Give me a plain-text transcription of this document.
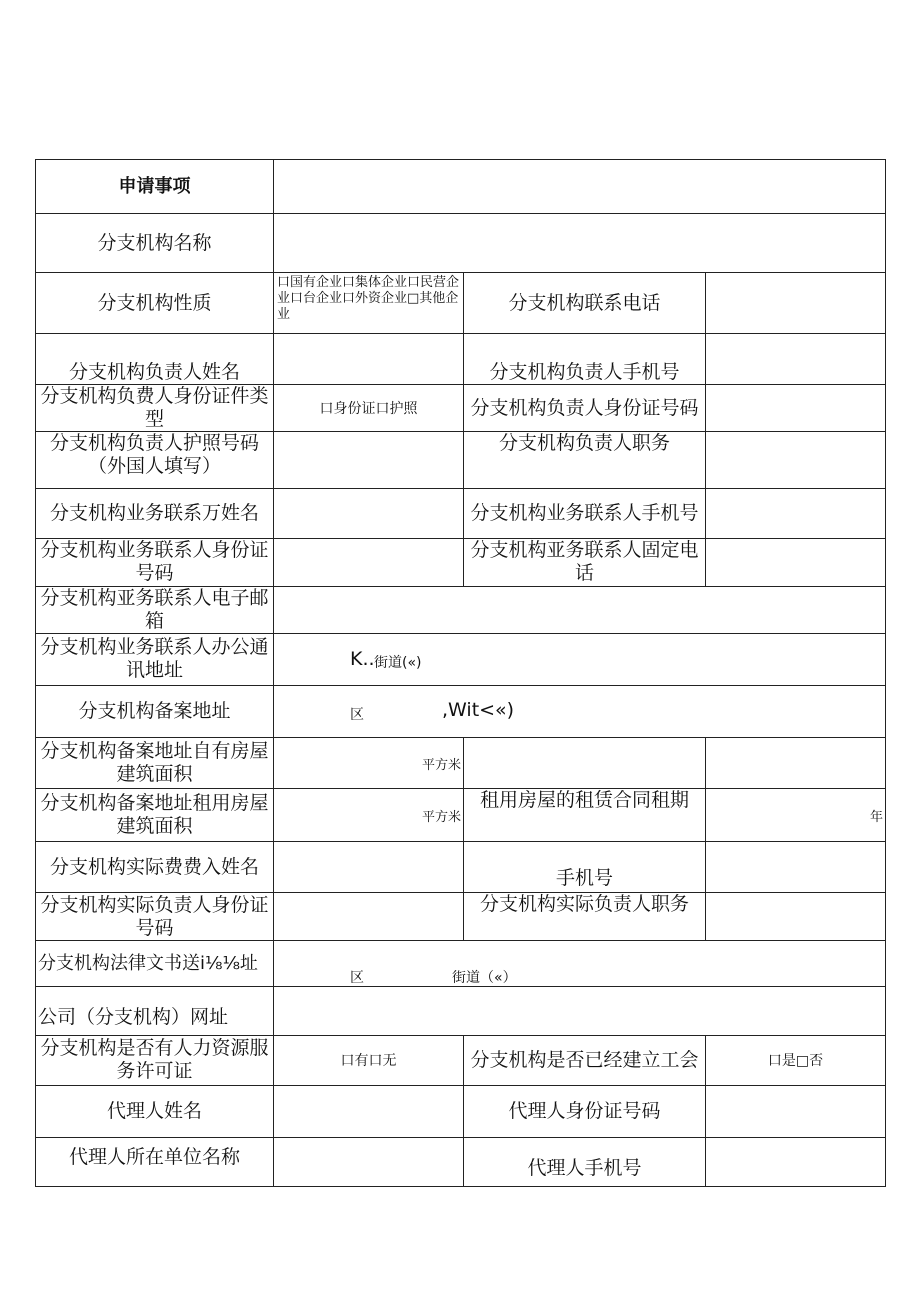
申请事项			
分支机构名称			
分支机构性质	口国有企业口集体企业口民营企业口台企业口外资企业□其他企业	分支机构联系电话	
分支机构负责人姓名		分支机构负责人手机号	
分支机构负费人身份证件类型	口身份证口护照	分支机构负责人身份证号码	
分支机构负责人护照号码（外国人填写）		分支机构负责人职务	
分支机构业务联系万姓名		分支机构业务联系人手机号	
分支机构业务联系人身份证号码		分支机构亚务联系人固定电话	
分支机构亚务联系人电子邮箱			
分支机构业务联系人办公通讯地址	K.. 街道(«)		

分支机构备案地址	区 ,Wit<«)		

分支机构备案地址自有房屋建筑面积	平方米		
分支机构备案地址租用房屋建筑面积	平方米	租用房屋的租赁合同租期	年
分支机构实际费费入姓名		手机号	
分支机构实际负责人身份证号码		分支机构实际负责人职务	
分支机构法律文书送i⅛⅛址	区 街道（«）		

公司（分支机构）网址			
分支机构是否有人力资源服务许可证	口有口无	分支机构是否已经建立工会	口是□否
代理人姓名		代理人身份证号码	
代理人所在单位名称		代理人手机号	
